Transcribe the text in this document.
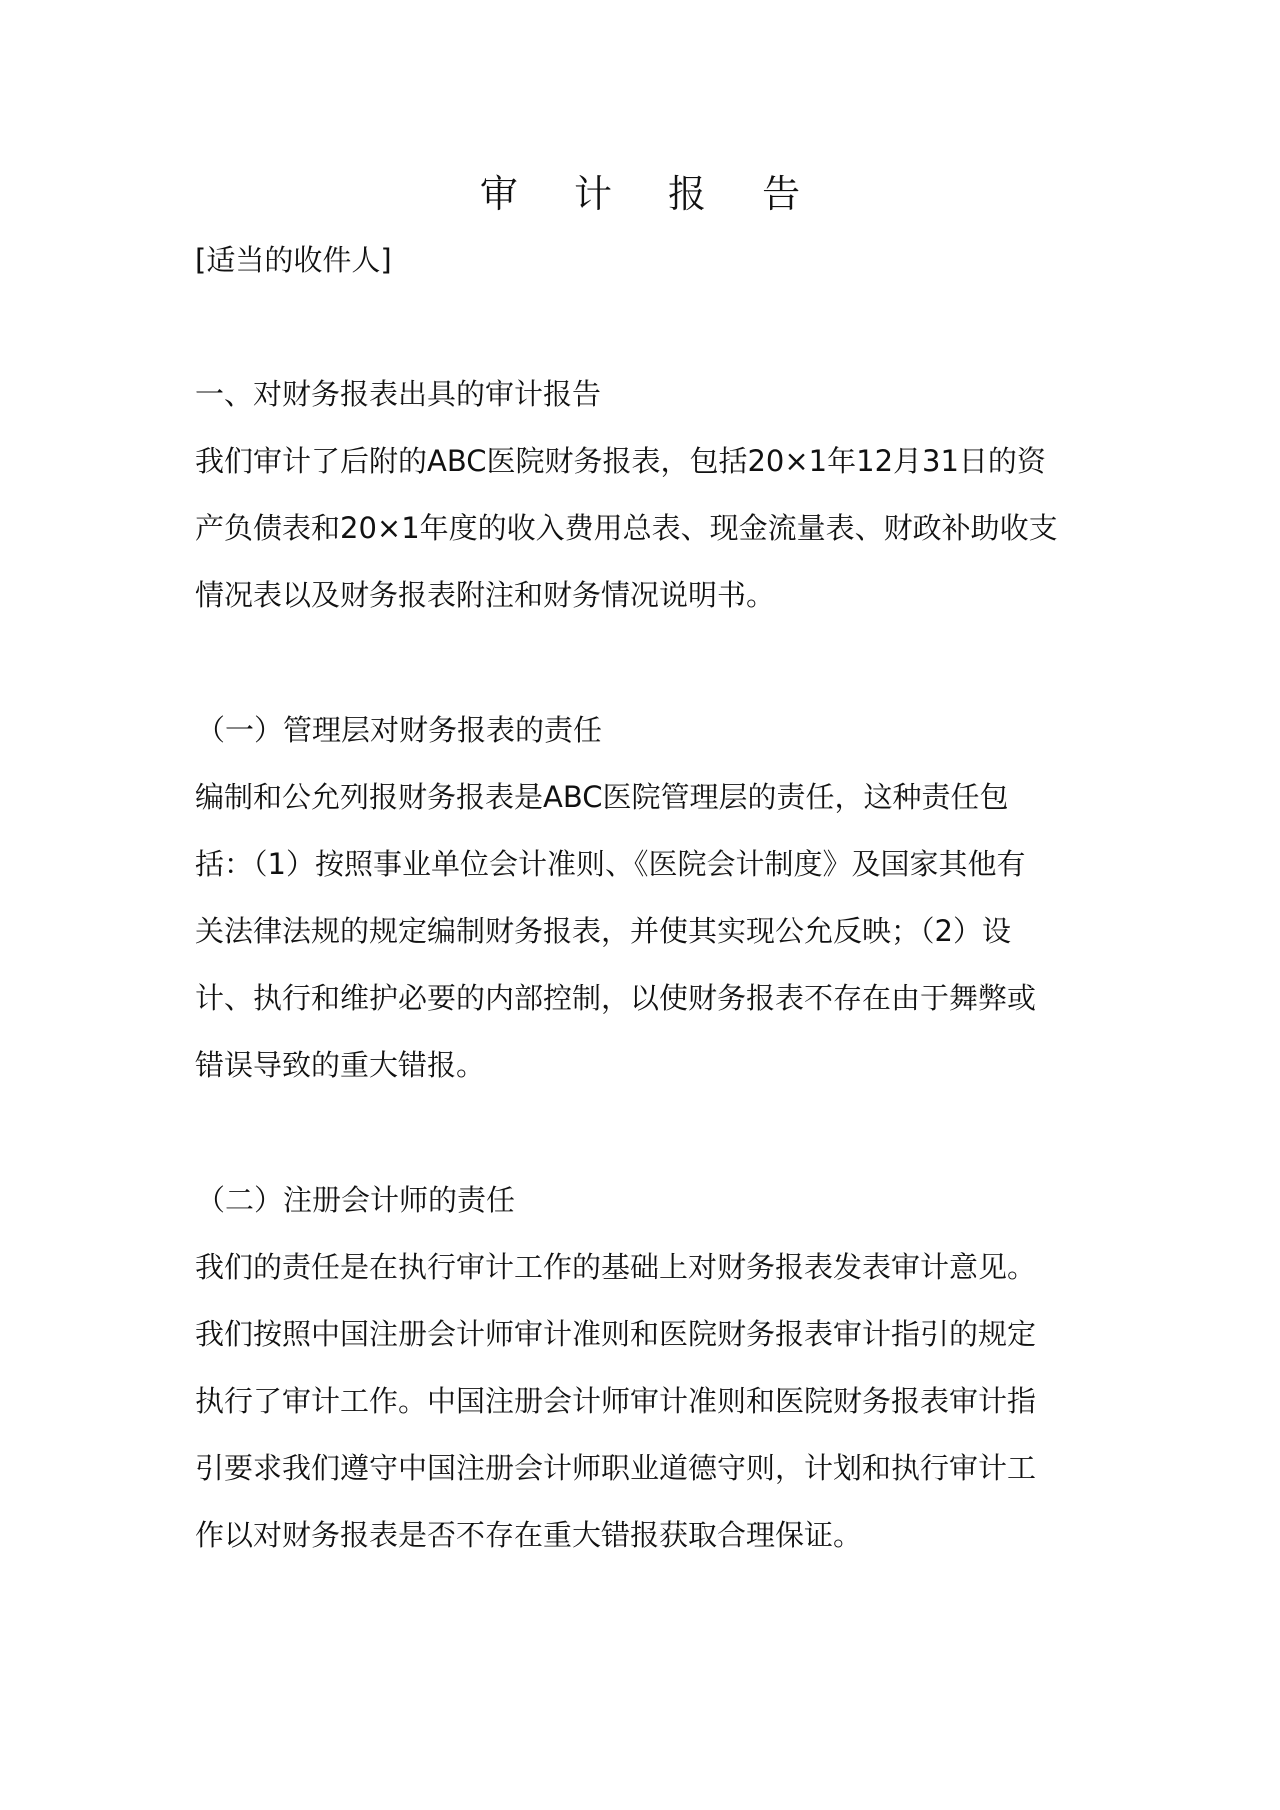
审 计 报 告

[适当的收件人]

一、对财务报表出具的审计报告

我们审计了后附的ABC医院财务报表，包括20×1年12月31日的资

产负债表和20×1年度的收入费用总表、现金流量表、财政补助收支

情况表以及财务报表附注和财务情况说明书。

（一）管理层对财务报表的责任

编制和公允列报财务报表是ABC医院管理层的责任，这种责任包

括：（1）按照事业单位会计准则、《医院会计制度》及国家其他有

关法律法规的规定编制财务报表，并使其实现公允反映；（2）设

计、执行和维护必要的内部控制，以使财务报表不存在由于舞弊或

错误导致的重大错报。

（二）注册会计师的责任

我们的责任是在执行审计工作的基础上对财务报表发表审计意见。

我们按照中国注册会计师审计准则和医院财务报表审计指引的规定

执行了审计工作。中国注册会计师审计准则和医院财务报表审计指

引要求我们遵守中国注册会计师职业道德守则，计划和执行审计工

作以对财务报表是否不存在重大错报获取合理保证。
